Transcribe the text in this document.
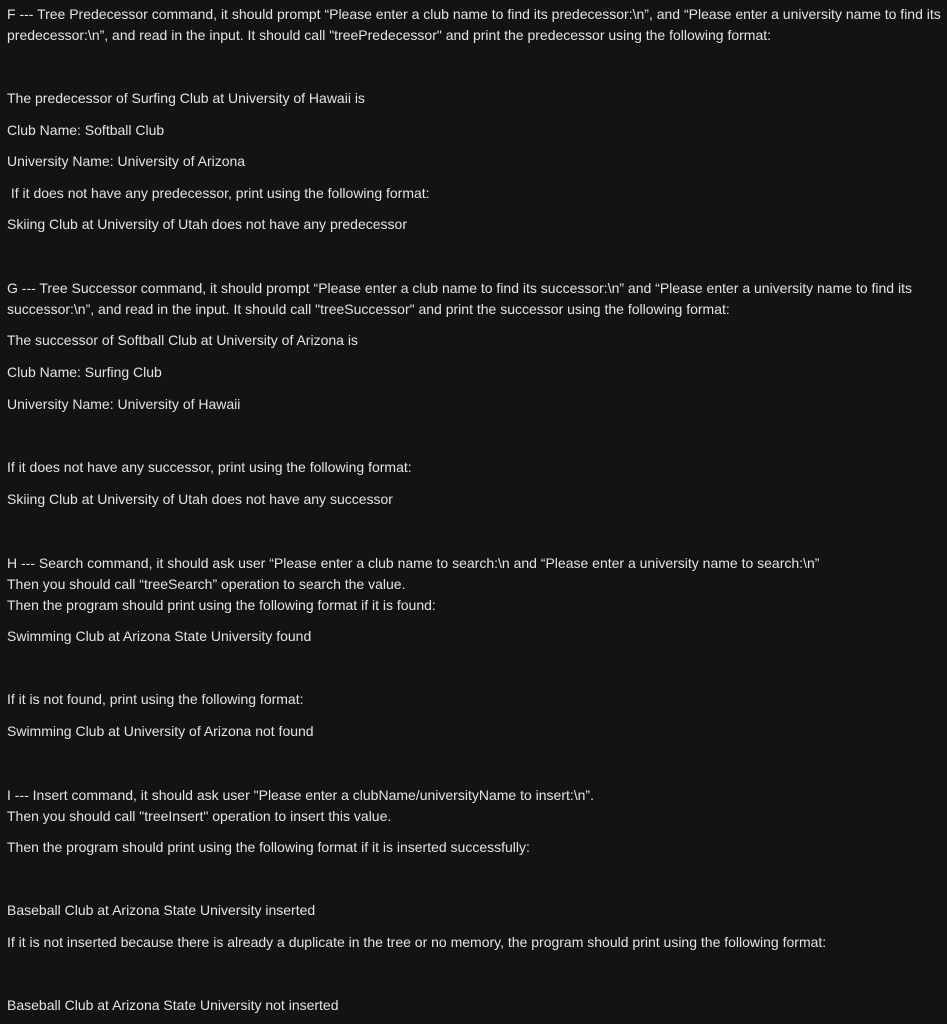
F --- Tree Predecessor command, it should prompt “Please enter a club name to find its predecessor:\n”, and “Please enter a university name to find its predecessor:\n”, and read in the input. It should call "treePredecessor" and print the predecessor using the following format:
The predecessor of Surfing Club at University of Hawaii is
Club Name: Softball Club
University Name: University of Arizona
If it does not have any predecessor, print using the following format:
Skiing Club at University of Utah does not have any predecessor
G --- Tree Successor command, it should prompt “Please enter a club name to find its successor:\n” and “Please enter a university name to find its successor:\n”, and read in the input. It should call "treeSuccessor" and print the successor using the following format:
The successor of Softball Club at University of Arizona is
Club Name: Surfing Club
University Name: University of Hawaii
If it does not have any successor, print using the following format:
Skiing Club at University of Utah does not have any successor
H --- Search command, it should ask user “Please enter a club name to search:\n and “Please enter a university name to search:\n”
Then you should call “treeSearch” operation to search the value.
Then the program should print using the following format if it is found:
Swimming Club at Arizona State University found
If it is not found, print using the following format:
Swimming Club at University of Arizona not found
I --- Insert command, it should ask user "Please enter a clubName/universityName to insert:\n”.
Then you should call "treeInsert" operation to insert this value.
Then the program should print using the following format if it is inserted successfully:
Baseball Club at Arizona State University inserted
If it is not inserted because there is already a duplicate in the tree or no memory, the program should print using the following format:
Baseball Club at Arizona State University not inserted
